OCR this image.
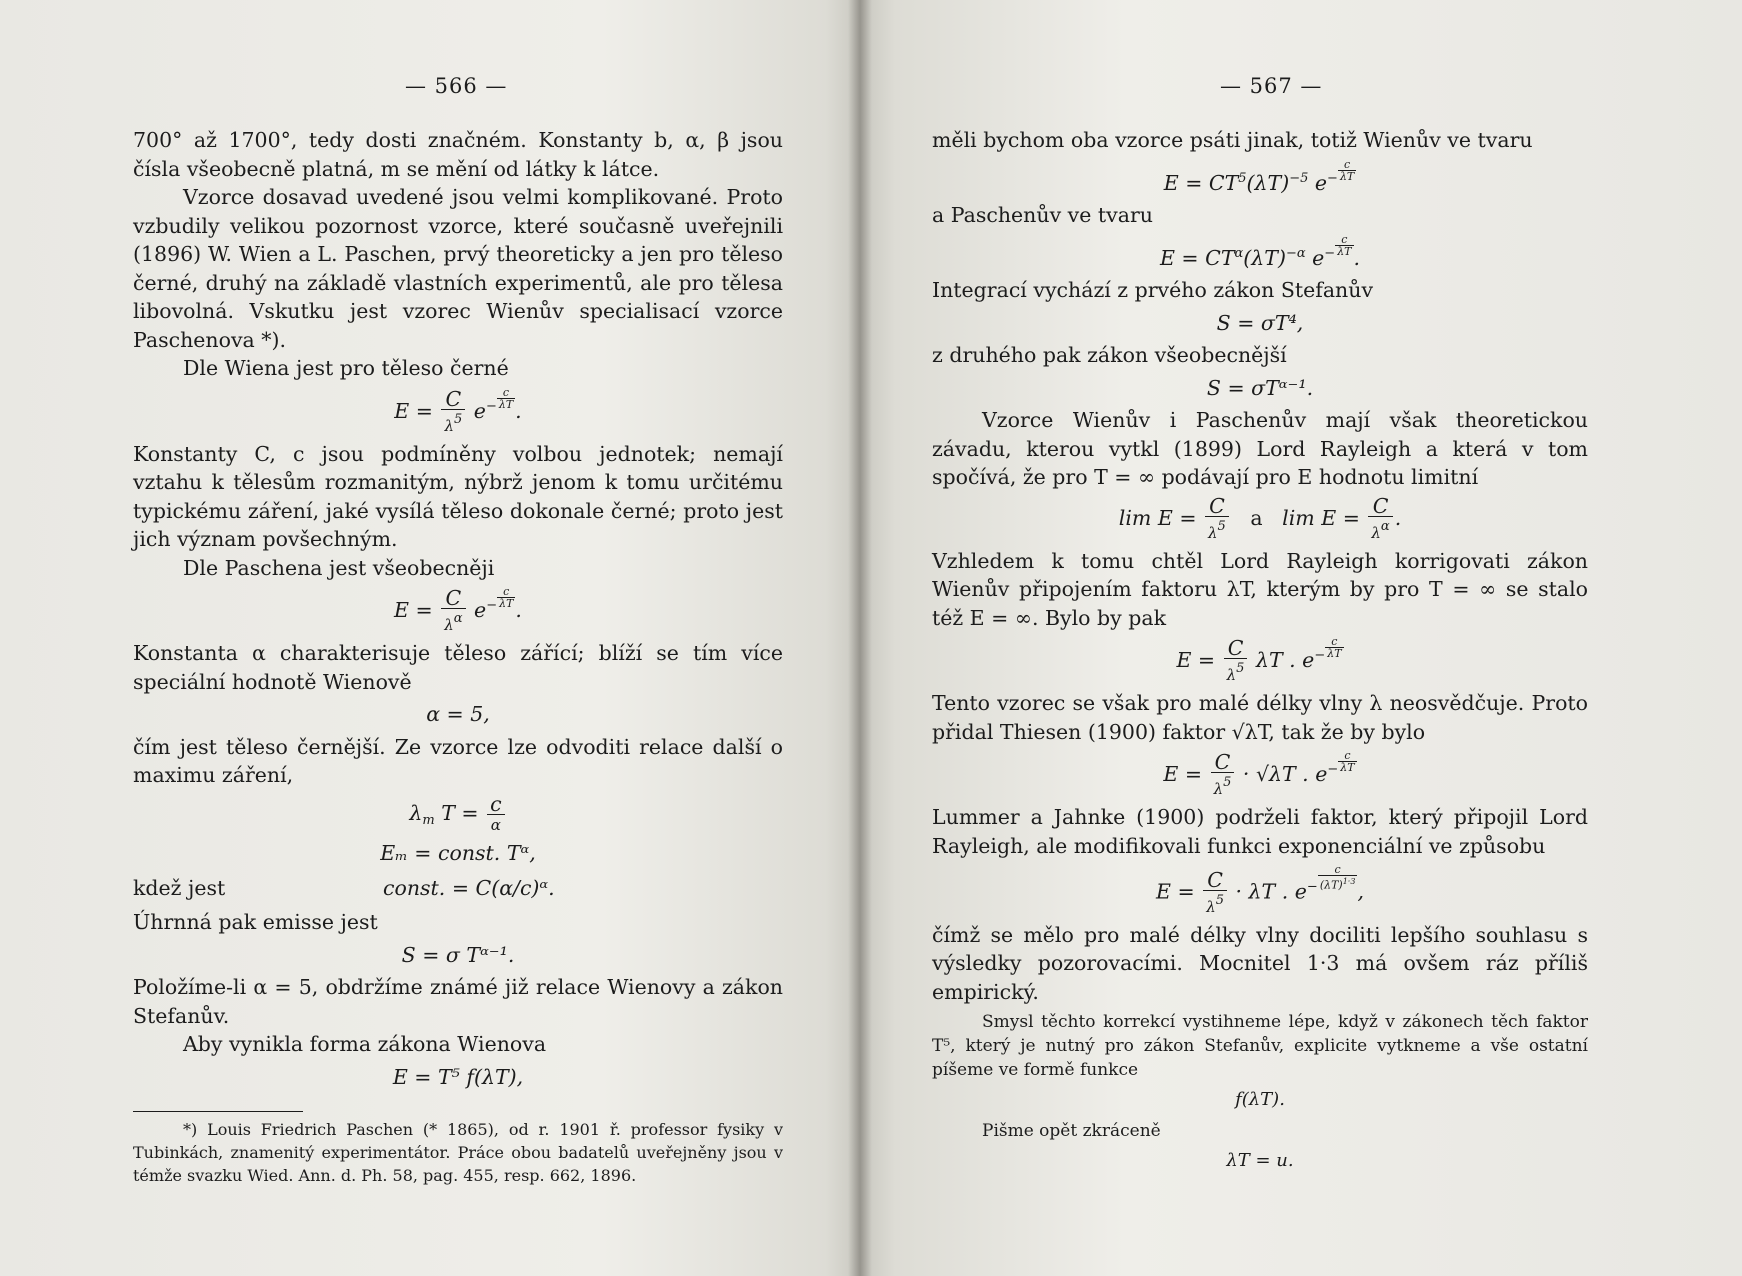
— 566 —

700° až 1700°, tedy dosti značném. Konstanty b, α, β jsou čísla všeobecně platná, m se mění od látky k látce.

Vzorce dosavad uvedené jsou velmi komplikované. Proto vzbudily velikou pozornost vzorce, které současně uveřejnili (1896) W. Wien a L. Paschen, prvý theoreticky a jen pro těleso černé, druhý na základě vlastních experimentů, ale pro tělesa libovolná. Vskutku jest vzorec Wienův specialisací vzorce Paschenova *).

Dle Wiena jest pro těleso černé

$E = \frac{C}{\lambda 5} e^- \frac{c}{\lambda T}$
.

Konstanty C, c jsou podmíněny volbou jednotek; nemají vztahu k tělesům rozmanitým, nýbrž jenom k tomu určitému typickému záření, jaké vysílá těleso dokonale černé; proto jest jich význam povšechným.

Dle Paschena jest všeobecněji

$E = \frac{C}{\lambda\alpha} e^- \frac{c}{\lambda T}$
.

Konstanta α charakterisuje těleso zářící; blíží se tím více speciální hodnotě Wienově

α = 5,

čím jest těleso černější. Ze vzorce lze odvoditi relace další o maximu záření,

$\lambda_m$ $T = \frac{c}{\alpha}$
Eₘ = const. Tᵅ,
kdež jest	const. = C(α/c)ᵅ.

Úhrnná pak emisse jest

S = σ Tᵅ⁻¹.

Položíme-li α = 5, obdržíme známé již relace Wienovy a zákon Stefanův.

Aby vynikla forma zákona Wienova

E = T⁵ f(λT),

*) Louis Friedrich Paschen (* 1865), od r. 1901 ř. professor fysiky v Tubinkách, znamenitý experimentátor. Práce obou badatelů uveřejněny jsou v témže svazku Wied. Ann. d. Ph. 58, pag. 455, resp. 662, 1896.

— 567 —

měli bychom oba vzorce psáti jinak, totiž Wienův ve tvaru

$E = CT^5(\lambda T)^{-5}$ $e^- \frac{c}{\lambda T}$

a Paschenův ve tvaru

$E = CT^\alpha(\lambda T)^{-\alpha}$ $e^- \frac{c}{\lambda T}$
.

Integrací vychází z prvého zákon Stefanův

S = σT⁴,

z druhého pak zákon všeobecnější

S = σTᵅ⁻¹.

Vzorce Wienův i Paschenův mají však theoretickou závadu, kterou vytkl (1899) Lord Rayleigh a která v tom spočívá, že pro T = ∞ podávají pro E hodnotu limitní

$\lim E = \frac{C}{\lambda 5}$ a   $\lim E = \frac{C}{\lambda\alpha}$ .

Vzhledem k tomu chtěl Lord Rayleigh korrigovati zákon Wienův připojením faktoru λT, kterým by pro T = ∞ se stalo též E = ∞. Bylo by pak

$E = \frac{C}{\lambda 5}$ λT . $e^- \frac{c}{\lambda T}$

Tento vzorec se však pro malé délky vlny λ neosvědčuje. Proto přidal Thiesen (1900) faktor √λT, tak že by bylo

$E = \frac{C}{\lambda 5} \cdot √\lambda T$ . $e^- \frac{c}{\lambda T}$

Lummer a Jahnke (1900) podrželi faktor, který připojil Lord Rayleigh, ale modifikovali funkci exponenciální ve způsobu

$E = \frac{C}{\lambda 5} \cdot \lambda T$ . $e^- \frac{c}{(\lambda T)^{1\cdot 3}}$
,

čímž se mělo pro malé délky vlny dociliti lepšího souhlasu s výsledky pozorovacími. Mocnitel 1·3 má ovšem ráz příliš empirický.

Smysl těchto korrekcí vystihneme lépe, když v zákonech těch faktor T⁵, který je nutný pro zákon Stefanův, explicite vytkneme a vše ostatní píšeme ve formě funkce

f(λT).

Pišme opět zkráceně

λT = u.
